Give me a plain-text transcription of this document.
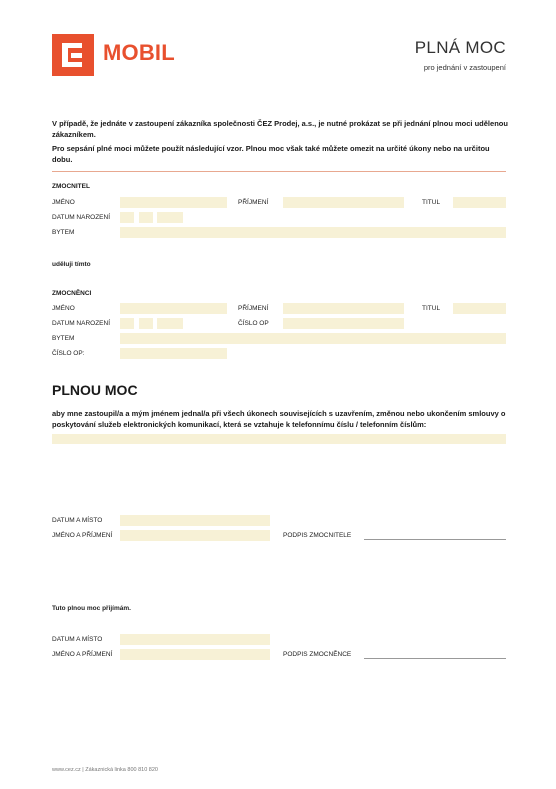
MOBIL	PLNÁ MOC
pro jednání v zastoupení
V případě, že jednáte v zastoupení zákazníka společnosti ČEZ Prodej, a.s., je nutné prokázat se při jednání plnou moci udělenou zákazníkem.
Pro sepsání plné moci můžete použít následující vzor. Plnou moc však také můžete omezit na určité úkony nebo na určitou dobu.
ZMOCNITEL
JMÉNO	PŘÍJMENÍ	TITUL
DATUM NAROZENÍ
BYTEM
uděluji tímto
ZMOCNĚNCI
JMÉNO	PŘÍJMENÍ	TITUL
DATUM NAROZENÍ	ČÍSLO OP
BYTEM
ČÍSLO OP:
PLNOU MOC
aby mne zastoupil/a a mým jménem jednal/a při všech úkonech souvisejících s uzavřením, změnou nebo ukončením smlouvy o poskytování služeb elektronických komunikací, která se vztahuje k telefonnímu číslu / telefonním číslům:
DATUM A MÍSTO
JMÉNO A PŘÍJMENÍ	PODPIS ZMOCNITELE
Tuto plnou moc přijímám.
DATUM A MÍSTO
JMÉNO A PŘÍJMENÍ	PODPIS ZMOCNĚNCE
www.cez.cz | Zákaznická linka 800 810 820
